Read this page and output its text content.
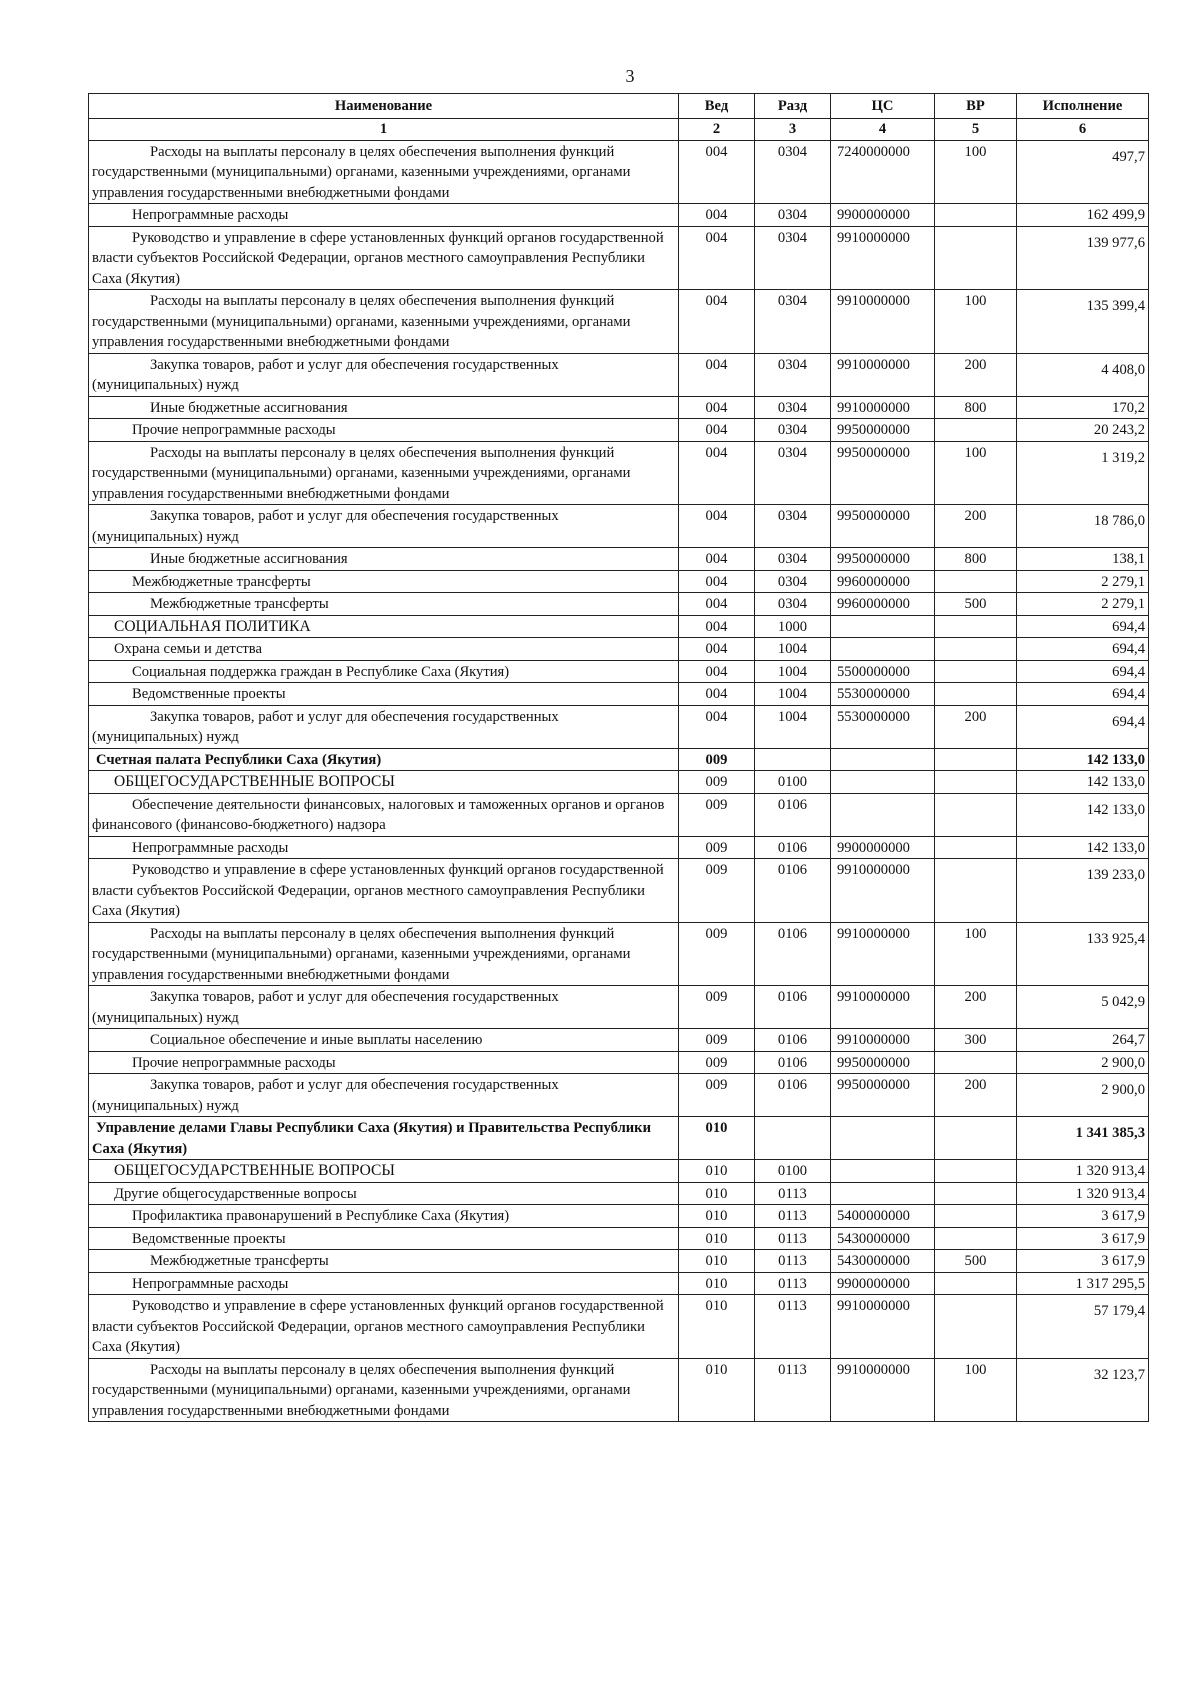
3
Наименование	Вед	Разд	ЦС	ВР	Исполнение
1	2	3	4	5	6
Расходы на выплаты персоналу в целях обеспечения выполнения функций государственными (муниципальными) органами, казенными учреждениями, органами управления государственными внебюджетными фондами	004	0304	7240000000	100	497,7
Непрограммные расходы	004	0304	9900000000		162 499,9
Руководство и управление в сфере установленных функций органов государственной власти субъектов Российской Федерации, органов местного самоуправления Республики Саха (Якутия)	004	0304	9910000000		139 977,6
Расходы на выплаты персоналу в целях обеспечения выполнения функций государственными (муниципальными) органами, казенными учреждениями, органами управления государственными внебюджетными фондами	004	0304	9910000000	100	135 399,4
Закупка товаров, работ и услуг для обеспечения государственных (муниципальных) нужд	004	0304	9910000000	200	4 408,0
Иные бюджетные ассигнования	004	0304	9910000000	800	170,2
Прочие непрограммные расходы	004	0304	9950000000		20 243,2
Расходы на выплаты персоналу в целях обеспечения выполнения функций государственными (муниципальными) органами, казенными учреждениями, органами управления государственными внебюджетными фондами	004	0304	9950000000	100	1 319,2
Закупка товаров, работ и услуг для обеспечения государственных (муниципальных) нужд	004	0304	9950000000	200	18 786,0
Иные бюджетные ассигнования	004	0304	9950000000	800	138,1
Межбюджетные трансферты	004	0304	9960000000		2 279,1
Межбюджетные трансферты	004	0304	9960000000	500	2 279,1
СОЦИАЛЬНАЯ ПОЛИТИКА	004	1000			694,4
Охрана семьи и детства	004	1004			694,4
Социальная поддержка граждан в Республике Саха (Якутия)	004	1004	5500000000		694,4
Ведомственные проекты	004	1004	5530000000		694,4
Закупка товаров, работ и услуг для обеспечения государственных (муниципальных) нужд	004	1004	5530000000	200	694,4
Счетная палата Республики Саха (Якутия)	009				142 133,0
ОБЩЕГОСУДАРСТВЕННЫЕ ВОПРОСЫ	009	0100			142 133,0
Обеспечение деятельности финансовых, налоговых и таможенных органов и органов финансового (финансово-бюджетного) надзора	009	0106			142 133,0
Непрограммные расходы	009	0106	9900000000		142 133,0
Руководство и управление в сфере установленных функций органов государственной власти субъектов Российской Федерации, органов местного самоуправления Республики Саха (Якутия)	009	0106	9910000000		139 233,0
Расходы на выплаты персоналу в целях обеспечения выполнения функций государственными (муниципальными) органами, казенными учреждениями, органами управления государственными внебюджетными фондами	009	0106	9910000000	100	133 925,4
Закупка товаров, работ и услуг для обеспечения государственных (муниципальных) нужд	009	0106	9910000000	200	5 042,9
Социальное обеспечение и иные выплаты населению	009	0106	9910000000	300	264,7
Прочие непрограммные расходы	009	0106	9950000000		2 900,0
Закупка товаров, работ и услуг для обеспечения государственных (муниципальных) нужд	009	0106	9950000000	200	2 900,0
Управление делами Главы Республики Саха (Якутия) и Правительства Республики Саха (Якутия)	010				1 341 385,3
ОБЩЕГОСУДАРСТВЕННЫЕ ВОПРОСЫ	010	0100			1 320 913,4
Другие общегосударственные вопросы	010	0113			1 320 913,4
Профилактика правонарушений в Республике Саха (Якутия)	010	0113	5400000000		3 617,9
Ведомственные проекты	010	0113	5430000000		3 617,9
Межбюджетные трансферты	010	0113	5430000000	500	3 617,9
Непрограммные расходы	010	0113	9900000000		1 317 295,5
Руководство и управление в сфере установленных функций органов государственной власти субъектов Российской Федерации, органов местного самоуправления Республики Саха (Якутия)	010	0113	9910000000		57 179,4
Расходы на выплаты персоналу в целях обеспечения выполнения функций государственными (муниципальными) органами, казенными учреждениями, органами управления государственными внебюджетными фондами	010	0113	9910000000	100	32 123,7
